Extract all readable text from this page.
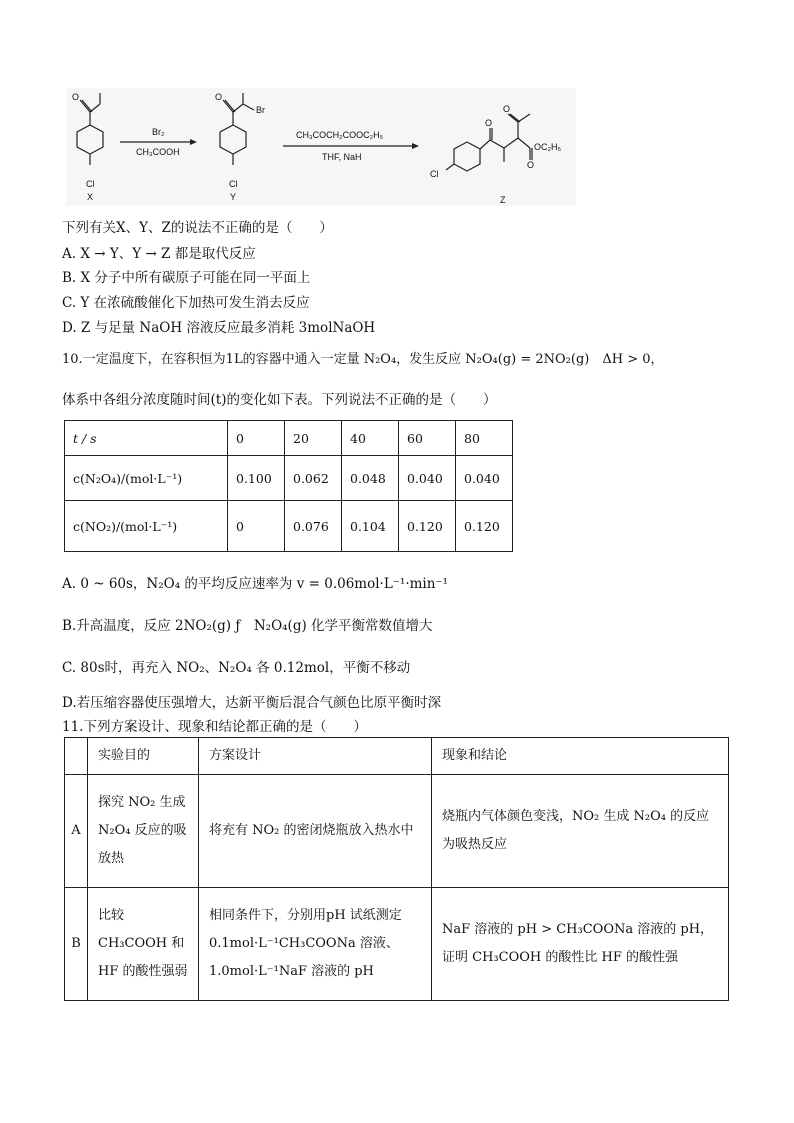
O
Cl
X
Br₂
CH₃COOH
O
Br
Cl
Y
CH₃COCH₂COOC₂H₅
THF, NaH
O
O
O
OC₂H₅
Cl
Z
下列有关X、Y、Z的说法不正确的是（　　）
A. X → Y、Y → Z 都是取代反应
B. X 分子中所有碳原子可能在同一平面上
C. Y 在浓硫酸催化下加热可发生消去反应
D. Z 与足量 NaOH 溶液反应最多消耗 3molNaOH
10.一定温度下，在容积恒为1L的容器中通入一定量 N₂O₄，发生反应 N₂O₄(g) = 2NO₂(g)　ΔH > 0，
体系中各组分浓度随时间(t)的变化如下表。下列说法不正确的是（　　）
t / s	0	20	40	60	80
c(N₂O₄)/(mol·L⁻¹)	0.100	0.062	0.048	0.040	0.040
c(NO₂)/(mol·L⁻¹)	0	0.076	0.104	0.120	0.120
A. 0 ~ 60s，N₂O₄ 的平均反应速率为 v = 0.06mol·L⁻¹·min⁻¹
B.升高温度，反应 2NO₂(g) ƒ　N₂O₄(g) 化学平衡常数值增大
C. 80s时，再充入 NO₂、N₂O₄ 各 0.12mol，平衡不移动
D.若压缩容器使压强增大，达新平衡后混合气颜色比原平衡时深
11.下列方案设计、现象和结论都正确的是（　　）
	实验目的	方案设计	现象和结论
A	探究 NO₂ 生成 N₂O₄ 反应的吸放热	将充有 NO₂ 的密闭烧瓶放入热水中	烧瓶内气体颜色变浅，NO₂ 生成 N₂O₄ 的反应为吸热反应
B	比较 CH₃COOH 和 HF 的酸性强弱	相同条件下，分别用pH 试纸测定 0.1mol·L⁻¹CH₃COONa 溶液、1.0mol·L⁻¹NaF 溶液的 pH	NaF 溶液的 pH > CH₃COONa 溶液的 pH，证明 CH₃COOH 的酸性比 HF 的酸性强
